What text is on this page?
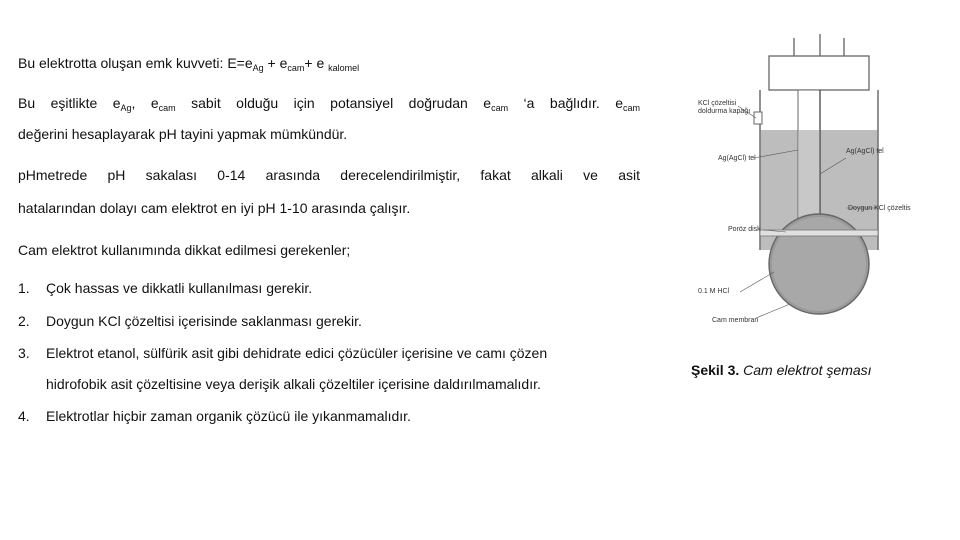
Bu elektrotta oluşan emk kuvveti: $E=e_{Ag} + e_{cam}+ e$ $_{kalomel}$

Bu eşitlikte $e_{Ag}$, $e_{cam}$ sabit olduğu için potansiyel doğrudan $e_{cam}$ ‘a bağlıdır. $e_{cam}$

değerini hesaplayarak pH tayini yapmak mümkündür.

pHmetrede pH sakalası 0-14 arasında derecelendirilmiştir, fakat alkali ve asit

hatalarından dolayı cam elektrot en iyi pH 1-10 arasında çalışır.

Cam elektrot kullanımında dikkat edilmesi gerekenler;

1. Çok hassas ve dikkatli kullanılması gerekir.
2. Doygun KCl çözeltisi içerisinde saklanması gerekir.
3. Elektrot etanol, sülfürik asit gibi dehidrate edici çözücüler içerisine ve camı çözen
hidrofobik asit çözeltisine veya derişik alkali çözeltiler içerisine daldırılmamalıdır.
4. Elektrotlar hiçbir zaman organik çözücü ile yıkanmamalıdır.
KCl çözeltisi
doldurma kapağı
Ag(AgCl) tel
Ag(AgCl) tel
Doygun KCl çözeltis
Poröz disk
0.1 M HCl
Cam membran
Şekil 3. Cam elektrot şeması
